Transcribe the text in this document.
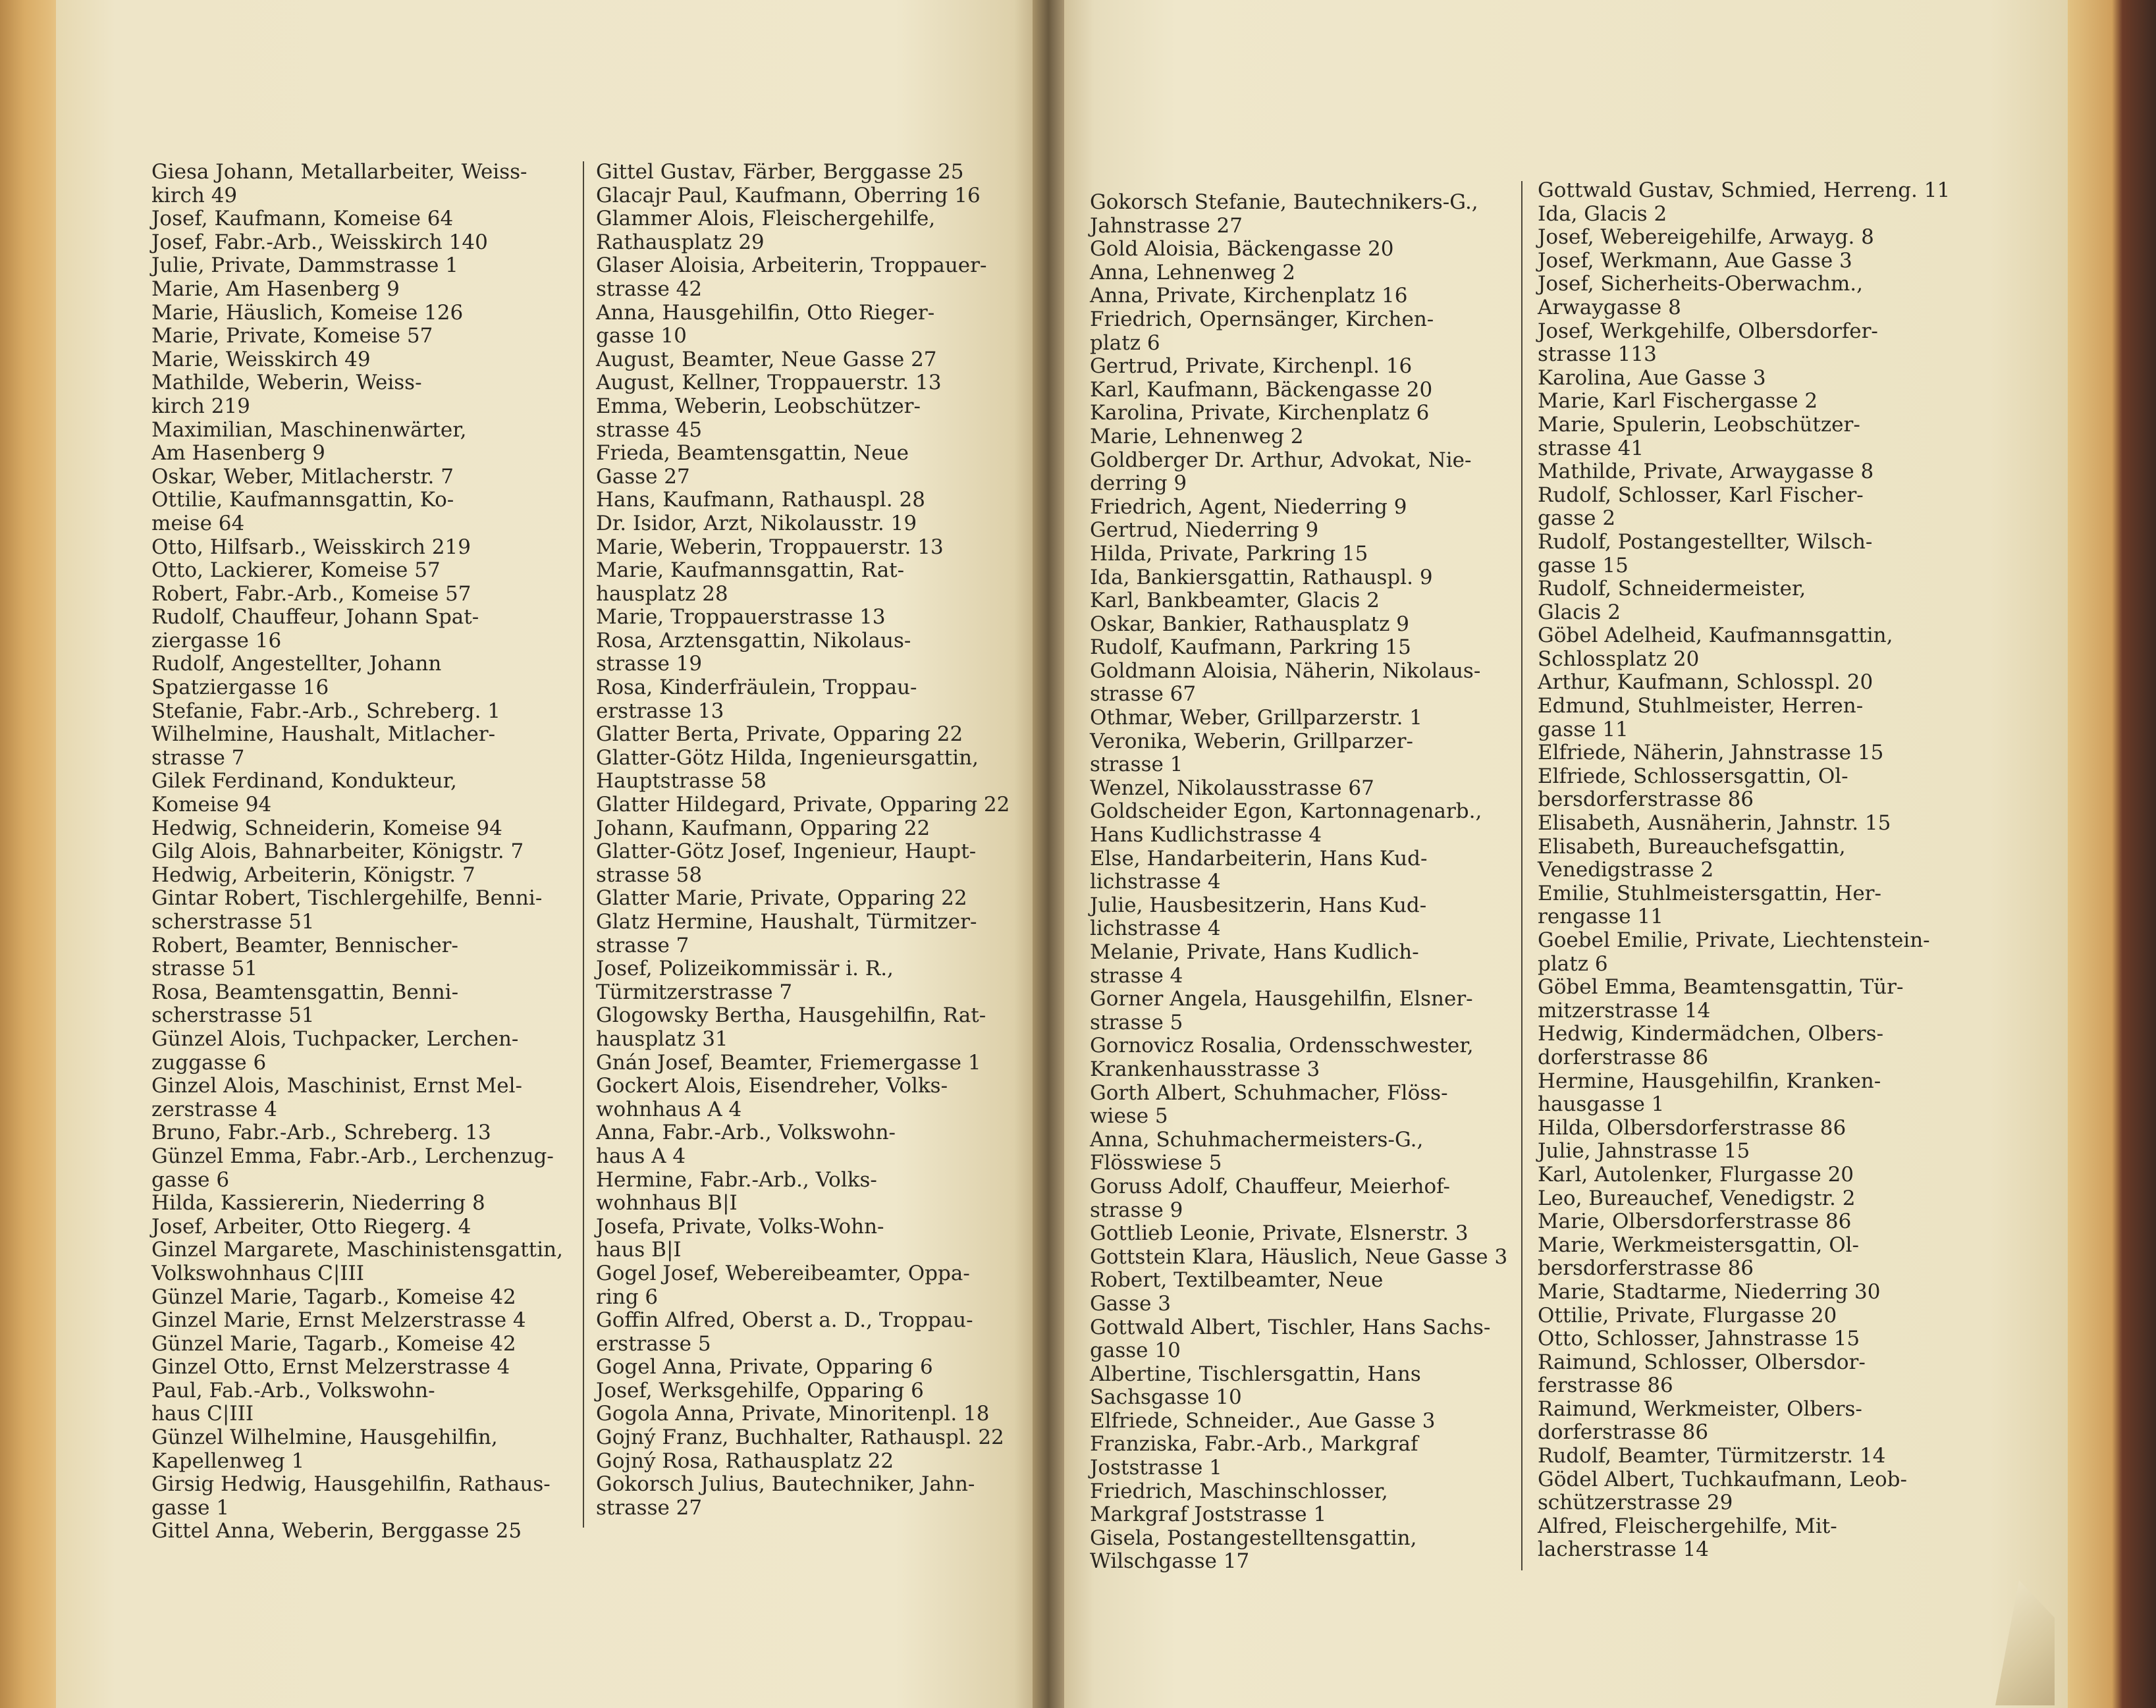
Giesa Johann, Metallarbeiter, Weiss-
kirch 49
Josef, Kaufmann, Komeise 64
Josef, Fabr.-Arb., Weisskirch 140
Julie, Private, Dammstrasse 1
Marie, Am Hasenberg 9
Marie, Häuslich, Komeise 126
Marie, Private, Komeise 57
Marie, Weisskirch 49
Mathilde, Weberin, Weiss-
kirch 219
Maximilian, Maschinenwärter,
Am Hasenberg 9
Oskar, Weber, Mitlacherstr. 7
Ottilie, Kaufmannsgattin, Ko-
meise 64
Otto, Hilfsarb., Weisskirch 219
Otto, Lackierer, Komeise 57
Robert, Fabr.-Arb., Komeise 57
Rudolf, Chauffeur, Johann Spat-
ziergasse 16
Rudolf, Angestellter, Johann
Spatziergasse 16
Stefanie, Fabr.-Arb., Schreberg. 1
Wilhelmine, Haushalt, Mitlacher-
strasse 7
Gilek Ferdinand, Kondukteur,
Komeise 94
Hedwig, Schneiderin, Komeise 94
Gilg Alois, Bahnarbeiter, Königstr. 7
Hedwig, Arbeiterin, Königstr. 7
Gintar Robert, Tischlergehilfe, Benni-
scherstrasse 51
Robert, Beamter, Bennischer-
strasse 51
Rosa, Beamtensgattin, Benni-
scherstrasse 51
Günzel Alois, Tuchpacker, Lerchen-
zuggasse 6
Ginzel Alois, Maschinist, Ernst Mel-
zerstrasse 4
Bruno, Fabr.-Arb., Schreberg. 13
Günzel Emma, Fabr.-Arb., Lerchenzug-
gasse 6
Hilda, Kassiererin, Niederring 8
Josef, Arbeiter, Otto Riegerg. 4
Ginzel Margarete, Maschinistensgattin,
Volkswohnhaus C|III
Günzel Marie, Tagarb., Komeise 42
Ginzel Marie, Ernst Melzerstrasse 4
Günzel Marie, Tagarb., Komeise 42
Ginzel Otto, Ernst Melzerstrasse 4
Paul, Fab.-Arb., Volkswohn-
haus C|III
Günzel Wilhelmine, Hausgehilfin,
Kapellenweg 1
Girsig Hedwig, Hausgehilfin, Rathaus-
gasse 1
Gittel Anna, Weberin, Berggasse 25
Gittel Gustav, Färber, Berggasse 25
Glacajr Paul, Kaufmann, Oberring 16
Glammer Alois, Fleischergehilfe,
Rathausplatz 29
Glaser Aloisia, Arbeiterin, Troppauer-
strasse 42
Anna, Hausgehilfin, Otto Rieger-
gasse 10
August, Beamter, Neue Gasse 27
August, Kellner, Troppauerstr. 13
Emma, Weberin, Leobschützer-
strasse 45
Frieda, Beamtensgattin, Neue
Gasse 27
Hans, Kaufmann, Rathauspl. 28
Dr. Isidor, Arzt, Nikolausstr. 19
Marie, Weberin, Troppauerstr. 13
Marie, Kaufmannsgattin, Rat-
hausplatz 28
Marie, Troppauerstrasse 13
Rosa, Arztensgattin, Nikolaus-
strasse 19
Rosa, Kinderfräulein, Troppau-
erstrasse 13
Glatter Berta, Private, Opparing 22
Glatter-Götz Hilda, Ingenieursgattin,
Hauptstrasse 58
Glatter Hildegard, Private, Opparing 22
Johann, Kaufmann, Opparing 22
Glatter-Götz Josef, Ingenieur, Haupt-
strasse 58
Glatter Marie, Private, Opparing 22
Glatz Hermine, Haushalt, Türmitzer-
strasse 7
Josef, Polizeikommissär i. R.,
Türmitzerstrasse 7
Glogowsky Bertha, Hausgehilfin, Rat-
hausplatz 31
Gnán Josef, Beamter, Friemergasse 1
Gockert Alois, Eisendreher, Volks-
wohnhaus A 4
Anna, Fabr.-Arb., Volkswohn-
haus A 4
Hermine, Fabr.-Arb., Volks-
wohnhaus B|I
Josefa, Private, Volks-Wohn-
haus B|I
Gogel Josef, Webereibeamter, Oppa-
ring 6
Goffin Alfred, Oberst a. D., Troppau-
erstrasse 5
Gogel Anna, Private, Opparing 6
Josef, Werksgehilfe, Opparing 6
Gogola Anna, Private, Minoritenpl. 18
Gojný Franz, Buchhalter, Rathauspl. 22
Gojný Rosa, Rathausplatz 22
Gokorsch Julius, Bautechniker, Jahn-
strasse 27
Gokorsch Stefanie, Bautechnikers-G.,
Jahnstrasse 27
Gold Aloisia, Bäckengasse 20
Anna, Lehnenweg 2
Anna, Private, Kirchenplatz 16
Friedrich, Opernsänger, Kirchen-
platz 6
Gertrud, Private, Kirchenpl. 16
Karl, Kaufmann, Bäckengasse 20
Karolina, Private, Kirchenplatz 6
Marie, Lehnenweg 2
Goldberger Dr. Arthur, Advokat, Nie-
derring 9
Friedrich, Agent, Niederring 9
Gertrud, Niederring 9
Hilda, Private, Parkring 15
Ida, Bankiersgattin, Rathauspl. 9
Karl, Bankbeamter, Glacis 2
Oskar, Bankier, Rathausplatz 9
Rudolf, Kaufmann, Parkring 15
Goldmann Aloisia, Näherin, Nikolaus-
strasse 67
Othmar, Weber, Grillparzerstr. 1
Veronika, Weberin, Grillparzer-
strasse 1
Wenzel, Nikolausstrasse 67
Goldscheider Egon, Kartonnagenarb.,
Hans Kudlichstrasse 4
Else, Handarbeiterin, Hans Kud-
lichstrasse 4
Julie, Hausbesitzerin, Hans Kud-
lichstrasse 4
Melanie, Private, Hans Kudlich-
strasse 4
Gorner Angela, Hausgehilfin, Elsner-
strasse 5
Gornovicz Rosalia, Ordensschwester,
Krankenhausstrasse 3
Gorth Albert, Schuhmacher, Flöss-
wiese 5
Anna, Schuhmachermeisters-G.,
Flösswiese 5
Goruss Adolf, Chauffeur, Meierhof-
strasse 9
Gottlieb Leonie, Private, Elsnerstr. 3
Gottstein Klara, Häuslich, Neue Gasse 3
Robert, Textilbeamter, Neue
Gasse 3
Gottwald Albert, Tischler, Hans Sachs-
gasse 10
Albertine, Tischlersgattin, Hans
Sachsgasse 10
Elfriede, Schneider., Aue Gasse 3
Franziska, Fabr.-Arb., Markgraf
Joststrasse 1
Friedrich, Maschinschlosser,
Markgraf Joststrasse 1
Gisela, Postangestelltensgattin,
Wilschgasse 17
Gottwald Gustav, Schmied, Herreng. 11
Ida, Glacis 2
Josef, Webereigehilfe, Arwayg. 8
Josef, Werkmann, Aue Gasse 3
Josef, Sicherheits-Oberwachm.,
Arwaygasse 8
Josef, Werkgehilfe, Olbersdorfer-
strasse 113
Karolina, Aue Gasse 3
Marie, Karl Fischergasse 2
Marie, Spulerin, Leobschützer-
strasse 41
Mathilde, Private, Arwaygasse 8
Rudolf, Schlosser, Karl Fischer-
gasse 2
Rudolf, Postangestellter, Wilsch-
gasse 15
Rudolf, Schneidermeister,
Glacis 2
Göbel Adelheid, Kaufmannsgattin,
Schlossplatz 20
Arthur, Kaufmann, Schlosspl. 20
Edmund, Stuhlmeister, Herren-
gasse 11
Elfriede, Näherin, Jahnstrasse 15
Elfriede, Schlossersgattin, Ol-
bersdorferstrasse 86
Elisabeth, Ausnäherin, Jahnstr. 15
Elisabeth, Bureauchefsgattin,
Venedigstrasse 2
Emilie, Stuhlmeistersgattin, Her-
rengasse 11
Goebel Emilie, Private, Liechtenstein-
platz 6
Göbel Emma, Beamtensgattin, Tür-
mitzerstrasse 14
Hedwig, Kindermädchen, Olbers-
dorferstrasse 86
Hermine, Hausgehilfin, Kranken-
hausgasse 1
Hilda, Olbersdorferstrasse 86
Julie, Jahnstrasse 15
Karl, Autolenker, Flurgasse 20
Leo, Bureauchef, Venedigstr. 2
Marie, Olbersdorferstrasse 86
Marie, Werkmeistersgattin, Ol-
bersdorferstrasse 86
Marie, Stadtarme, Niederring 30
Ottilie, Private, Flurgasse 20
Otto, Schlosser, Jahnstrasse 15
Raimund, Schlosser, Olbersdor-
ferstrasse 86
Raimund, Werkmeister, Olbers-
dorferstrasse 86
Rudolf, Beamter, Türmitzerstr. 14
Gödel Albert, Tuchkaufmann, Leob-
schützerstrasse 29
Alfred, Fleischergehilfe, Mit-
lacherstrasse 14
